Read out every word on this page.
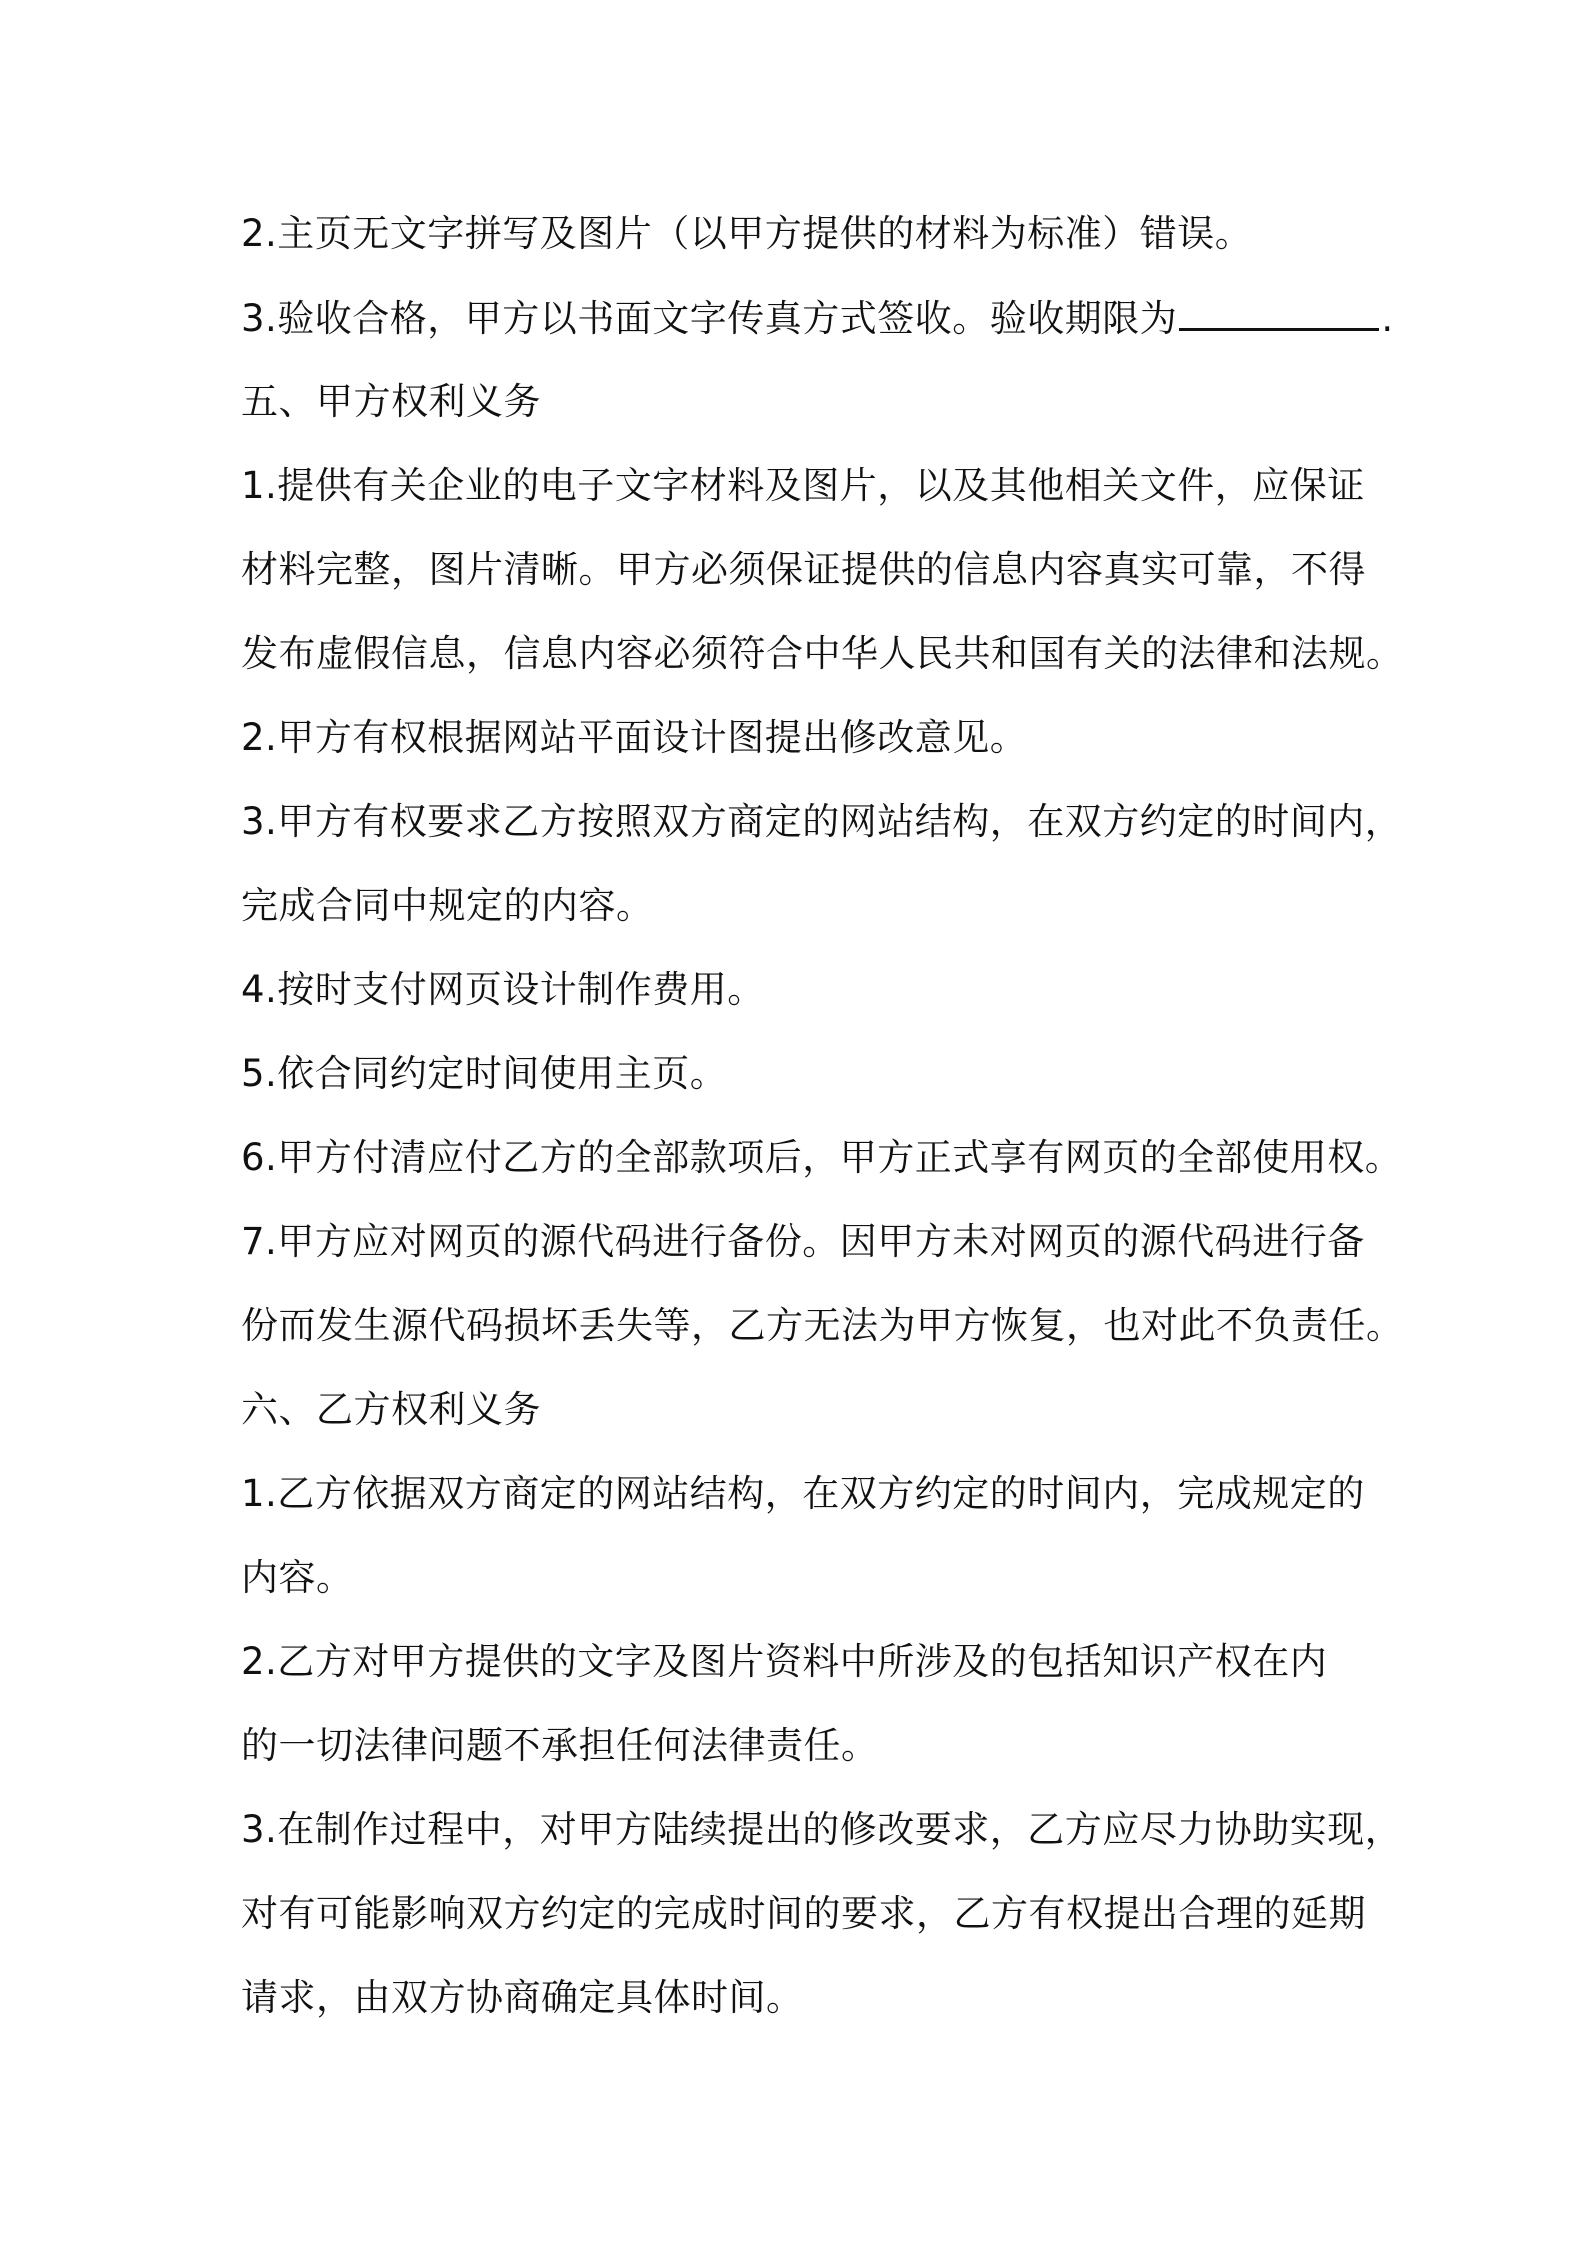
2.主页无文字拼写及图片（以甲方提供的材料为标准）错误。
3.验收合格，甲方以书面文字传真方式签收。验收期限为	.
五、甲方权利义务
1.提供有关企业的电子文字材料及图片，以及其他相关文件，应保证
材料完整，图片清晰。甲方必须保证提供的信息内容真实可靠，不得
发布虚假信息，信息内容必须符合中华人民共和国有关的法律和法规。
2.甲方有权根据网站平面设计图提出修改意见。
3.甲方有权要求乙方按照双方商定的网站结构，在双方约定的时间内，
完成合同中规定的内容。
4.按时支付网页设计制作费用。
5.依合同约定时间使用主页。
6.甲方付清应付乙方的全部款项后，甲方正式享有网页的全部使用权。
7.甲方应对网页的源代码进行备份。因甲方未对网页的源代码进行备
份而发生源代码损坏丢失等，乙方无法为甲方恢复，也对此不负责任。
六、乙方权利义务
1.乙方依据双方商定的网站结构，在双方约定的时间内，完成规定的
内容。
2.乙方对甲方提供的文字及图片资料中所涉及的包括知识产权在内
的一切法律问题不承担任何法律责任。
3.在制作过程中，对甲方陆续提出的修改要求，乙方应尽力协助实现，
对有可能影响双方约定的完成时间的要求，乙方有权提出合理的延期
请求，由双方协商确定具体时间。
